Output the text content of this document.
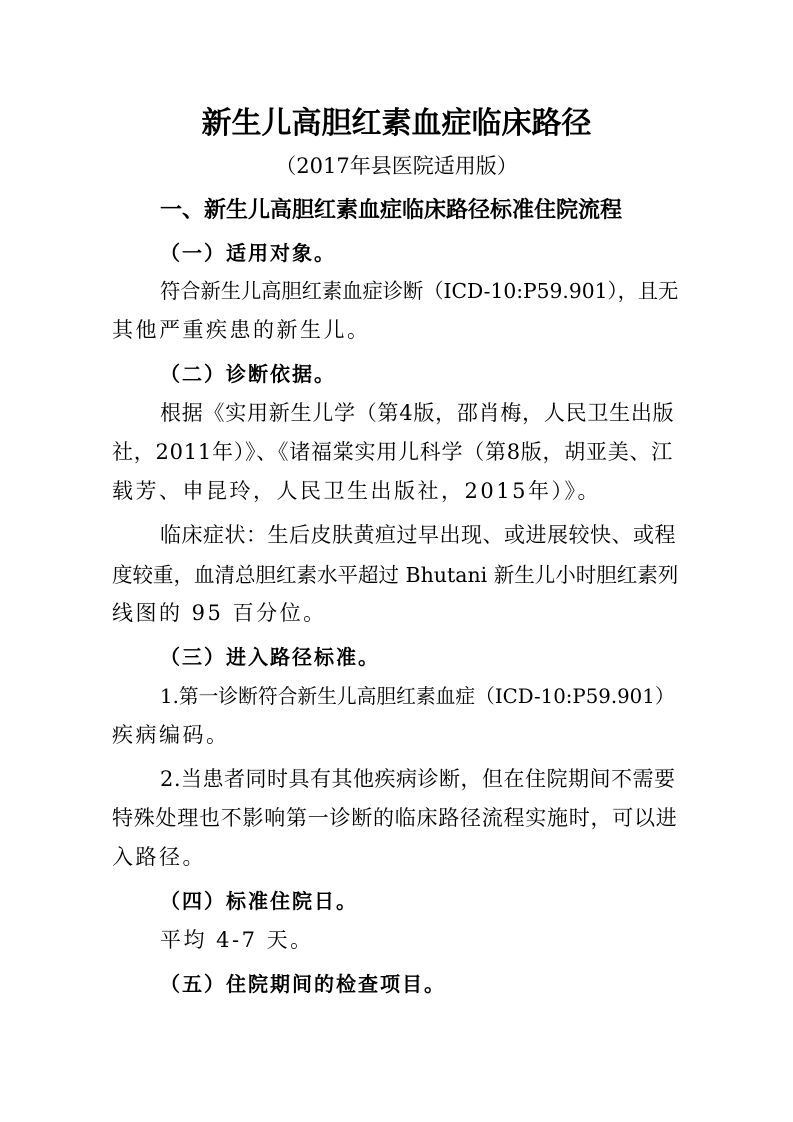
新生儿高胆红素血症临床路径
（2017年县医院适用版）
一、新生儿高胆红素血症临床路径标准住院流程
（一）适用对象。
符合新生儿高胆红素血症诊断（ICD-10:P59.901），且无
其他严重疾患的新生儿。
（二）诊断依据。
根据《实用新生儿学（第4版，邵肖梅，人民卫生出版
社，2011年）》、《诸福棠实用儿科学（第8版，胡亚美、江
载芳、申昆玲，人民卫生出版社，2015年）》。
临床症状：生后皮肤黄疸过早出现、或进展较快、或程
度较重，血清总胆红素水平超过 Bhutani 新生儿小时胆红素列
线图的 95 百分位。
（三）进入路径标准。
1.第一诊断符合新生儿高胆红素血症（ICD-10:P59.901）
疾病编码。
2.当患者同时具有其他疾病诊断，但在住院期间不需要
特殊处理也不影响第一诊断的临床路径流程实施时，可以进
入路径。
（四）标准住院日。
平均 4-7 天。
（五）住院期间的检查项目。
